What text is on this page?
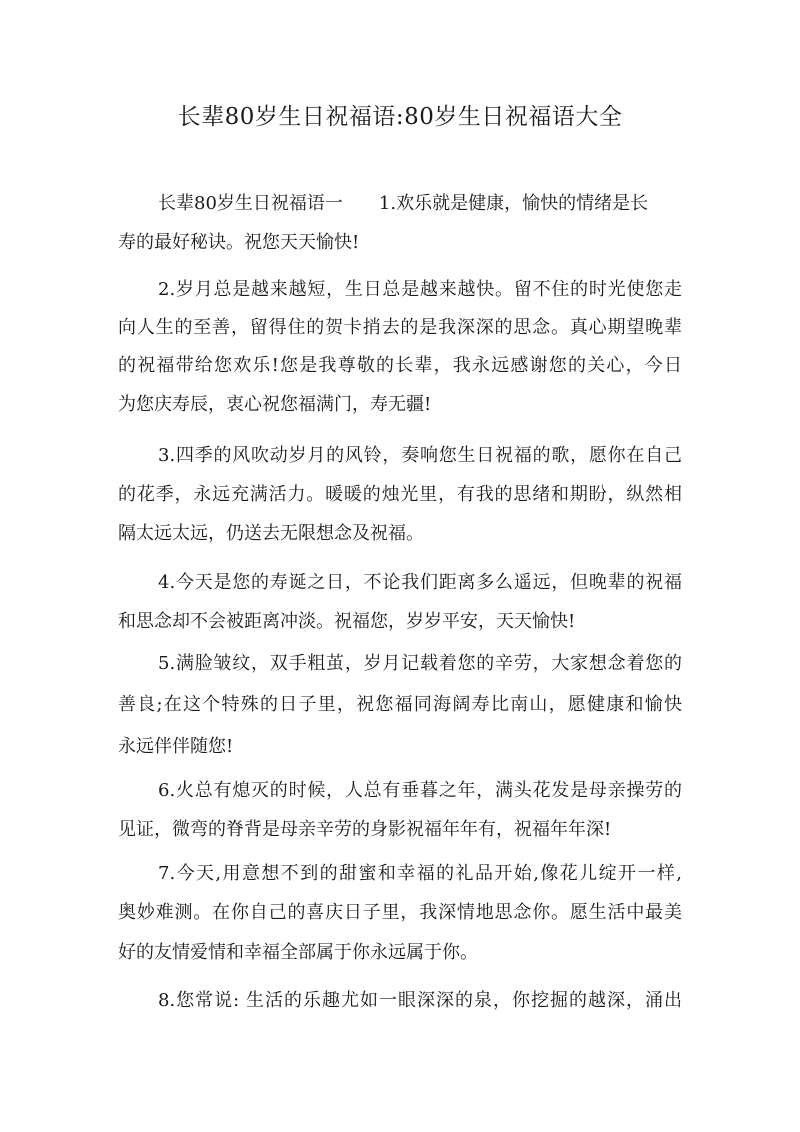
长辈80岁生日祝福语:80岁生日祝福语大全

长辈80岁生日祝福语一 1.欢乐就是健康，愉快的情绪是长

寿的最好秘诀。祝您天天愉快!

2.岁月总是越来越短，生日总是越来越快。留不住的时光使您走

向人生的至善，留得住的贺卡捎去的是我深深的思念。真心期望晚辈

的祝福带给您欢乐!您是我尊敬的长辈，我永远感谢您的关心，今日

为您庆寿辰，衷心祝您福满门，寿无疆!

3.四季的风吹动岁月的风铃，奏响您生日祝福的歌，愿你在自己

的花季，永远充满活力。暖暖的烛光里，有我的思绪和期盼，纵然相

隔太远太远，仍送去无限想念及祝福。

4.今天是您的寿诞之日，不论我们距离多么遥远，但晚辈的祝福

和思念却不会被距离冲淡。祝福您，岁岁平安，天天愉快!

5.满脸皱纹，双手粗茧，岁月记载着您的辛劳，大家想念着您的

善良;在这个特殊的日子里，祝您福同海阔寿比南山，愿健康和愉快

永远伴伴随您!

6.火总有熄灭的时候，人总有垂暮之年，满头花发是母亲操劳的

见证，微弯的脊背是母亲辛劳的身影祝福年年有，祝福年年深!

7.今天,用意想不到的甜蜜和幸福的礼品开始,像花儿绽开一样,

奥妙难测。在你自己的喜庆日子里，我深情地思念你。愿生活中最美

好的友情爱情和幸福全部属于你永远属于你。

8.您常说: 生活的乐趣尤如一眼深深的泉，你挖掘的越深，涌出
